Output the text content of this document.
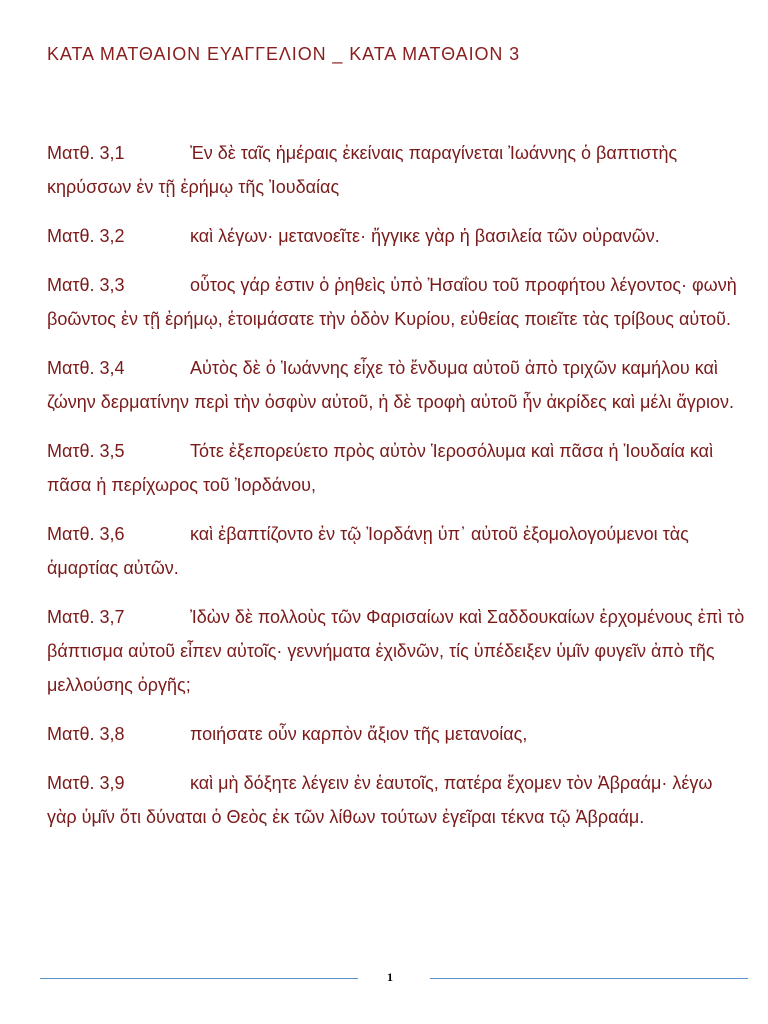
ΚΑΤΑ ΜΑΤΘΑΙΟΝ ΕΥΑΓΓΕΛΙΟΝ _ ΚΑΤΑ ΜΑΤΘΑΙΟΝ 3
Ματθ. 3,1	Ἐν δὲ ταῖς ἡμέραις ἐκείναις παραγίνεται Ἰωάννης ὁ βαπτιστὴς κηρύσσων ἐν τῇ ἐρήμῳ τῆς Ἰουδαίας
Ματθ. 3,2	καὶ λέγων· μετανοεῖτε· ἤγγικε γὰρ ἡ βασιλεία τῶν οὐρανῶν.
Ματθ. 3,3	οὗτος γάρ ἐστιν ὁ ῥηθεὶς ὑπὸ Ἠσαΐου τοῦ προφήτου λέγοντος· φωνὴ βοῶντος ἐν τῇ ἐρήμῳ, ἑτοιμάσατε τὴν ὁδὸν Κυρίου, εὐθείας ποιεῖτε τὰς τρίβους αὐτοῦ.
Ματθ. 3,4	Αὐτὸς δὲ ὁ Ἰωάννης εἶχε τὸ ἔνδυμα αὐτοῦ ἀπὸ τριχῶν καμήλου καὶ ζώνην δερματίνην περὶ τὴν ὀσφὺν αὐτοῦ, ἡ δὲ τροφὴ αὐτοῦ ἦν ἀκρίδες καὶ μέλι ἄγριον.
Ματθ. 3,5	Τότε ἐξεπορεύετο πρὸς αὐτὸν Ἱεροσόλυμα καὶ πᾶσα ἡ Ἰουδαία καὶ πᾶσα ἡ περίχωρος τοῦ Ἰορδάνου,
Ματθ. 3,6	καὶ ἐβαπτίζοντο ἐν τῷ Ἰορδάνῃ ὑπ᾿ αὐτοῦ ἐξομολογούμενοι τὰς ἁμαρτίας αὐτῶν.
Ματθ. 3,7	Ἰδὼν δὲ πολλοὺς τῶν Φαρισαίων καὶ Σαδδουκαίων ἐρχομένους ἐπὶ τὸ βάπτισμα αὐτοῦ εἶπεν αὐτοῖς· γεννήματα ἐχιδνῶν, τίς ὑπέδειξεν ὑμῖν φυγεῖν ἀπὸ τῆς μελλούσης ὀργῆς;
Ματθ. 3,8	ποιήσατε οὖν καρπὸν ἄξιον τῆς μετανοίας,
Ματθ. 3,9	καὶ μὴ δόξητε λέγειν ἐν ἑαυτοῖς, πατέρα ἔχομεν τὸν Ἀβραάμ· λέγω γὰρ ὑμῖν ὅτι δύναται ὁ Θεὸς ἐκ τῶν λίθων τούτων ἐγεῖραι τέκνα τῷ Ἀβραάμ.
1
